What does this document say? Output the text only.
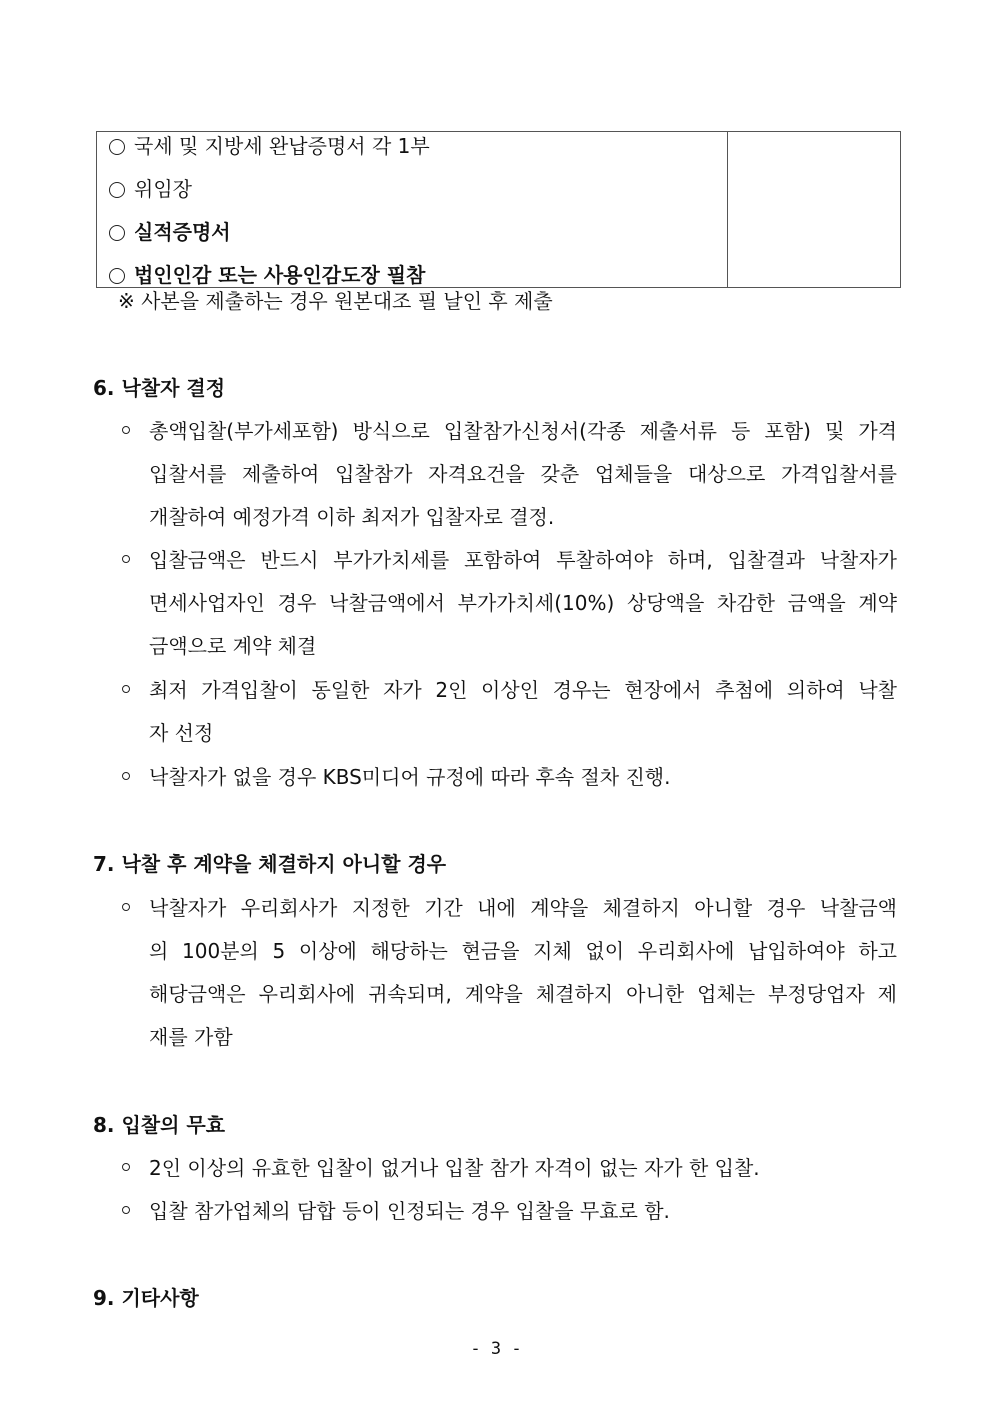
국세 및 지방세 완납증명서 각 1부
위임장
실적증명서
법인인감 또는 사용인감도장 필참
※ 사본을 제출하는 경우 원본대조 필 날인 후 제출
6. 낙찰자 결정
총액입찰(부가세포함) 방식으로 입찰참가신청서(각종 제출서류 등 포함) 및 가격
입찰서를 제출하여 입찰참가 자격요건을 갖춘 업체들을 대상으로 가격입찰서를
개찰하여 예정가격 이하 최저가 입찰자로 결정.
입찰금액은 반드시 부가가치세를 포함하여 투찰하여야 하며, 입찰결과 낙찰자가
면세사업자인 경우 낙찰금액에서 부가가치세(10%) 상당액을 차감한 금액을 계약
금액으로 계약 체결
최저 가격입찰이 동일한 자가 2인 이상인 경우는 현장에서 추첨에 의하여 낙찰
자 선정
낙찰자가 없을 경우 KBS미디어 규정에 따라 후속 절차 진행.
7. 낙찰 후 계약을 체결하지 아니할 경우
낙찰자가 우리회사가 지정한 기간 내에 계약을 체결하지 아니할 경우 낙찰금액
의 100분의 5 이상에 해당하는 현금을 지체 없이 우리회사에 납입하여야 하고
해당금액은 우리회사에 귀속되며, 계약을 체결하지 아니한 업체는 부정당업자 제
재를 가함
8. 입찰의 무효
2인 이상의 유효한 입찰이 없거나 입찰 참가 자격이 없는 자가 한 입찰.
입찰 참가업체의 담합 등이 인정되는 경우 입찰을 무효로 함.
9. 기타사항
- 3 -
